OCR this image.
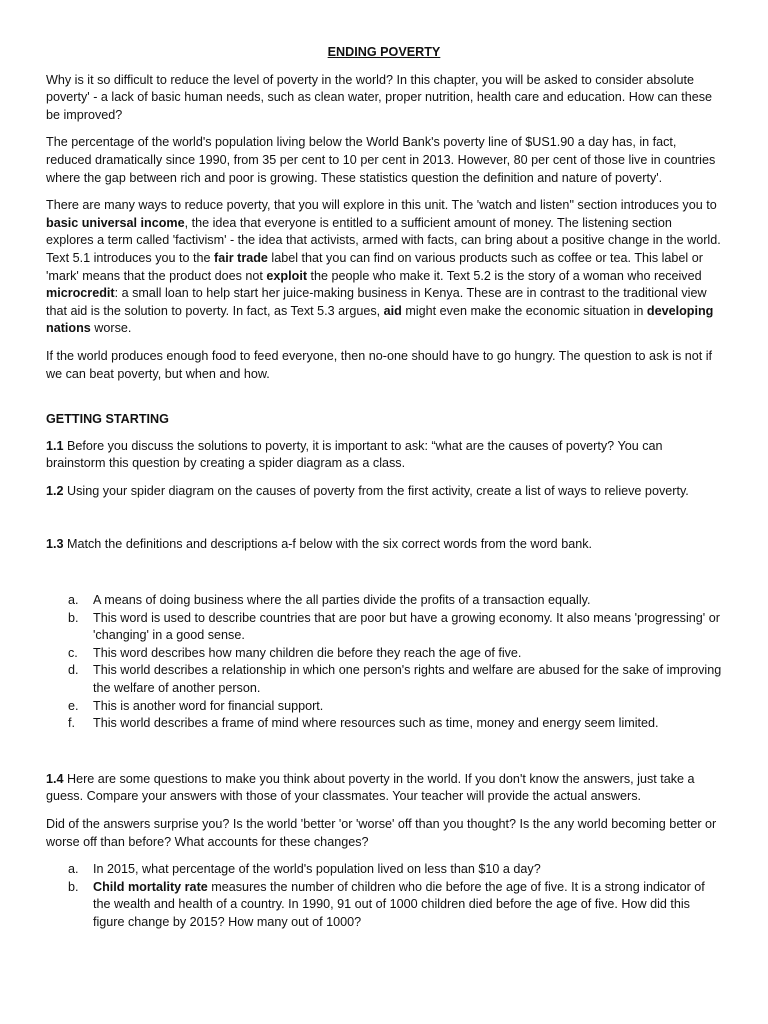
ENDING POVERTY

Why is it so difficult to reduce the level of poverty in the world? In this chapter, you will be asked to consider absolute poverty' - a lack of basic human needs, such as clean water, proper nutrition, health care and education. How can these be improved?

The percentage of the world's population living below the World Bank's poverty line of $US1.90 a day has, in fact, reduced dramatically since 1990, from 35 per cent to 10 per cent in 2013. However, 80 per cent of those live in countries where the gap between rich and poor is growing. These statistics question the definition and nature of poverty'.

There are many ways to reduce poverty, that you will explore in this unit. The 'watch and listen" section introduces you to basic universal income, the idea that everyone is entitled to a sufficient amount of money. The listening section explores a term called 'factivism' - the idea that activists, armed with facts, can bring about a positive change in the world. Text 5.1 introduces you to the fair trade label that you can find on various products such as coffee or tea. This label or 'mark' means that the product does not exploit the people who make it. Text 5.2 is the story of a woman who received microcredit: a small loan to help start her juice-making business in Kenya. These are in contrast to the traditional view that aid is the solution to poverty. In fact, as Text 5.3 argues, aid might even make the economic situation in developing nations worse.

If the world produces enough food to feed everyone, then no-one should have to go hungry. The question to ask is not if we can beat poverty, but when and how.

GETTING STARTING

1.1 Before you discuss the solutions to poverty, it is important to ask: “what are the causes of poverty? You can brainstorm this question by creating a spider diagram as a class.

1.2 Using your spider diagram on the causes of poverty from the first activity, create a list of ways to relieve poverty.

1.3 Match the definitions and descriptions a-f below with the six correct words from the word bank.

a. A means of doing business where the all parties divide the profits of a transaction equally.
b. This word is used to describe countries that are poor but have a growing economy. It also means 'progressing' or 'changing' in a good sense.
c. This word describes how many children die before they reach the age of five.
d. This world describes a relationship in which one person's rights and welfare are abused for the sake of improving the welfare of another person.
e. This is another word for financial support.
f. This world describes a frame of mind where resources such as time, money and energy seem limited.

1.4 Here are some questions to make you think about poverty in the world. If you don't know the answers, just take a guess. Compare your answers with those of your classmates. Your teacher will provide the actual answers.

Did of the answers surprise you? Is the world 'better 'or 'worse' off than you thought? Is the any world becoming better or worse off than before? What accounts for these changes?

a. In 2015, what percentage of the world's population lived on less than $10 a day?
b. Child mortality rate measures the number of children who die before the age of five. It is a strong indicator of the wealth and health of a country. In 1990, 91 out of 1000 children died before the age of five. How did this figure change by 2015? How many out of 1000?
